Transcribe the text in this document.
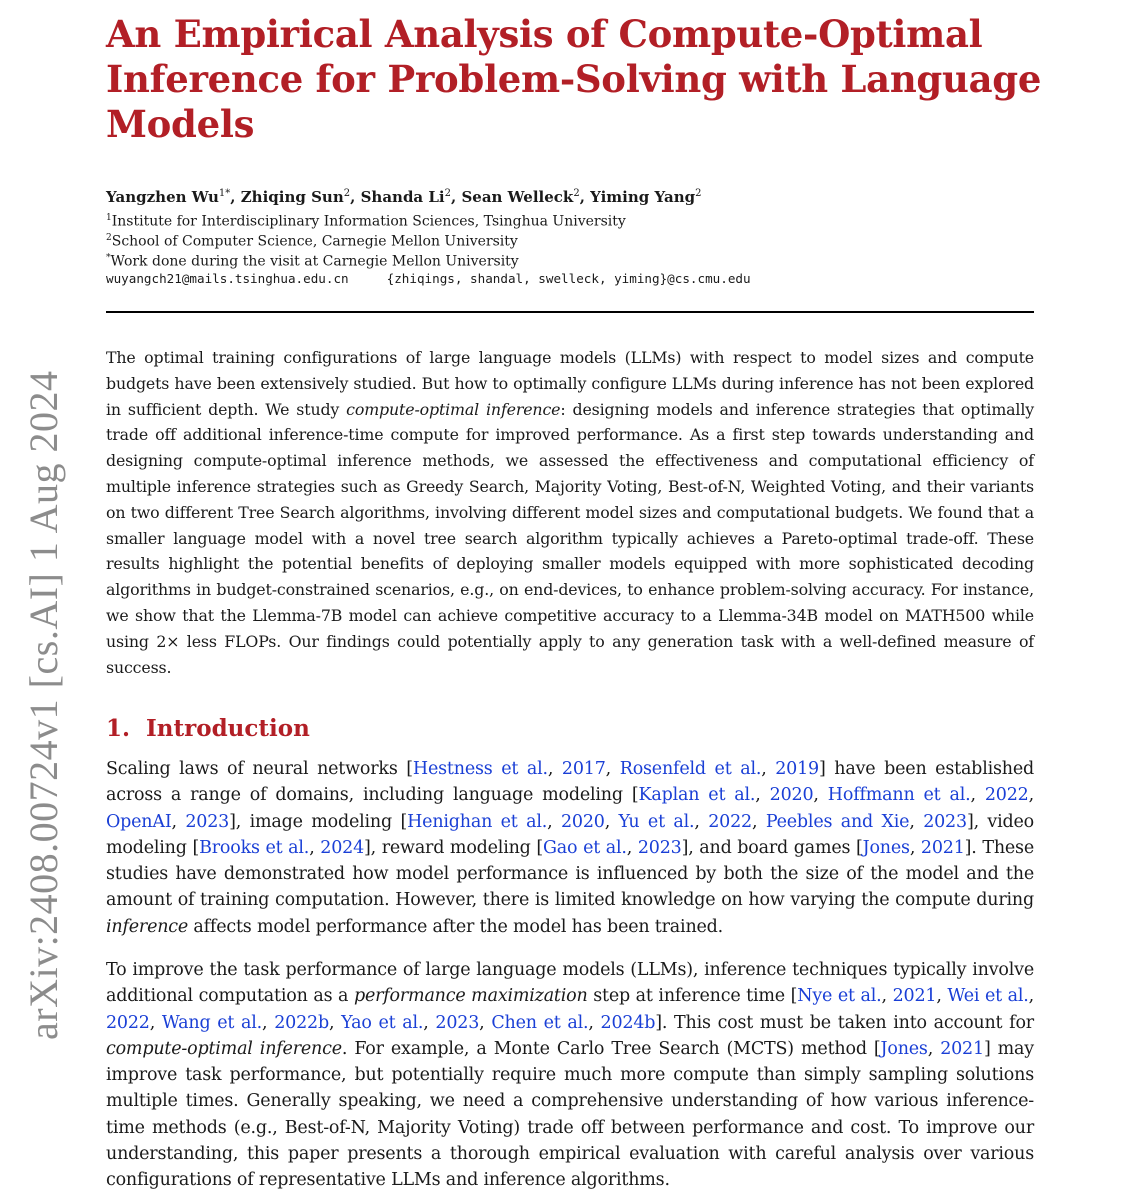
arXiv:2408.00724v1 [cs.AI] 1 Aug 2024
An Empirical Analysis of Compute-Optimal Inference for Problem-Solving with Language Models
Yangzhen $Wu^{1*}$, Zhiqing Sun$^2$, Shanda Li$^2$, Sean Welleck$^2$, Yiming Yang$^2$
$^1$Institute for Interdisciplinary Information Sciences, Tsinghua University
$^2$School of Computer Science, Carnegie Mellon University
*Work done during the visit at Carnegie Mellon University
wuyangch21@mails.tsinghua.edu.cn	{zhiqings, shandal, swelleck, yiming}@cs.cmu.edu

The optimal training configurations of large language models (LLMs) with respect to model sizes and compute budgets have been extensively studied. But how to optimally configure LLMs during inference has not been explored in sufficient depth. We study compute-optimal inference: designing models and inference strategies that optimally trade off additional inference-time compute for improved performance. As a first step towards understanding and designing compute-optimal inference methods, we assessed the effectiveness and computational efficiency of multiple inference strategies such as Greedy Search, Majority Voting, Best-of-N, Weighted Voting, and their variants on two different Tree Search algorithms, involving different model sizes and computational budgets. We found that a smaller language model with a novel tree search algorithm typically achieves a Pareto-optimal trade-off. These results highlight the potential benefits of deploying smaller models equipped with more sophisticated decoding algorithms in budget-constrained scenarios, e.g., on end-devices, to enhance problem-solving accuracy. For instance, we show that the Llemma-7B model can achieve competitive accuracy to a Llemma-34B model on MATH500 while using 2× less FLOPs. Our findings could potentially apply to any generation task with a well-defined measure of success.

1. Introduction

Scaling laws of neural networks [Hestness et al., 2017, Rosenfeld et al., 2019] have been established across a range of domains, including language modeling [Kaplan et al., 2020, Hoffmann et al., 2022, OpenAI, 2023], image modeling [Henighan et al., 2020, Yu et al., 2022, Peebles and Xie, 2023], video modeling [Brooks et al., 2024], reward modeling [Gao et al., 2023], and board games [Jones, 2021]. These studies have demonstrated how model performance is influenced by both the size of the model and the amount of training computation. However, there is limited knowledge on how varying the compute during inference affects model performance after the model has been trained.

To improve the task performance of large language models (LLMs), inference techniques typically involve additional computation as a performance maximization step at inference time [Nye et al., 2021, Wei et al., 2022, Wang et al., 2022b, Yao et al., 2023, Chen et al., 2024b]. This cost must be taken into account for compute-optimal inference. For example, a Monte Carlo Tree Search (MCTS) method [Jones, 2021] may improve task performance, but potentially require much more compute than simply sampling solutions multiple times. Generally speaking, we need a comprehensive understanding of how various inference-time methods (e.g., Best-of-N, Majority Voting) trade off between performance and cost. To improve our understanding, this paper presents a thorough empirical evaluation with careful analysis over various configurations of representative LLMs and inference algorithms.
